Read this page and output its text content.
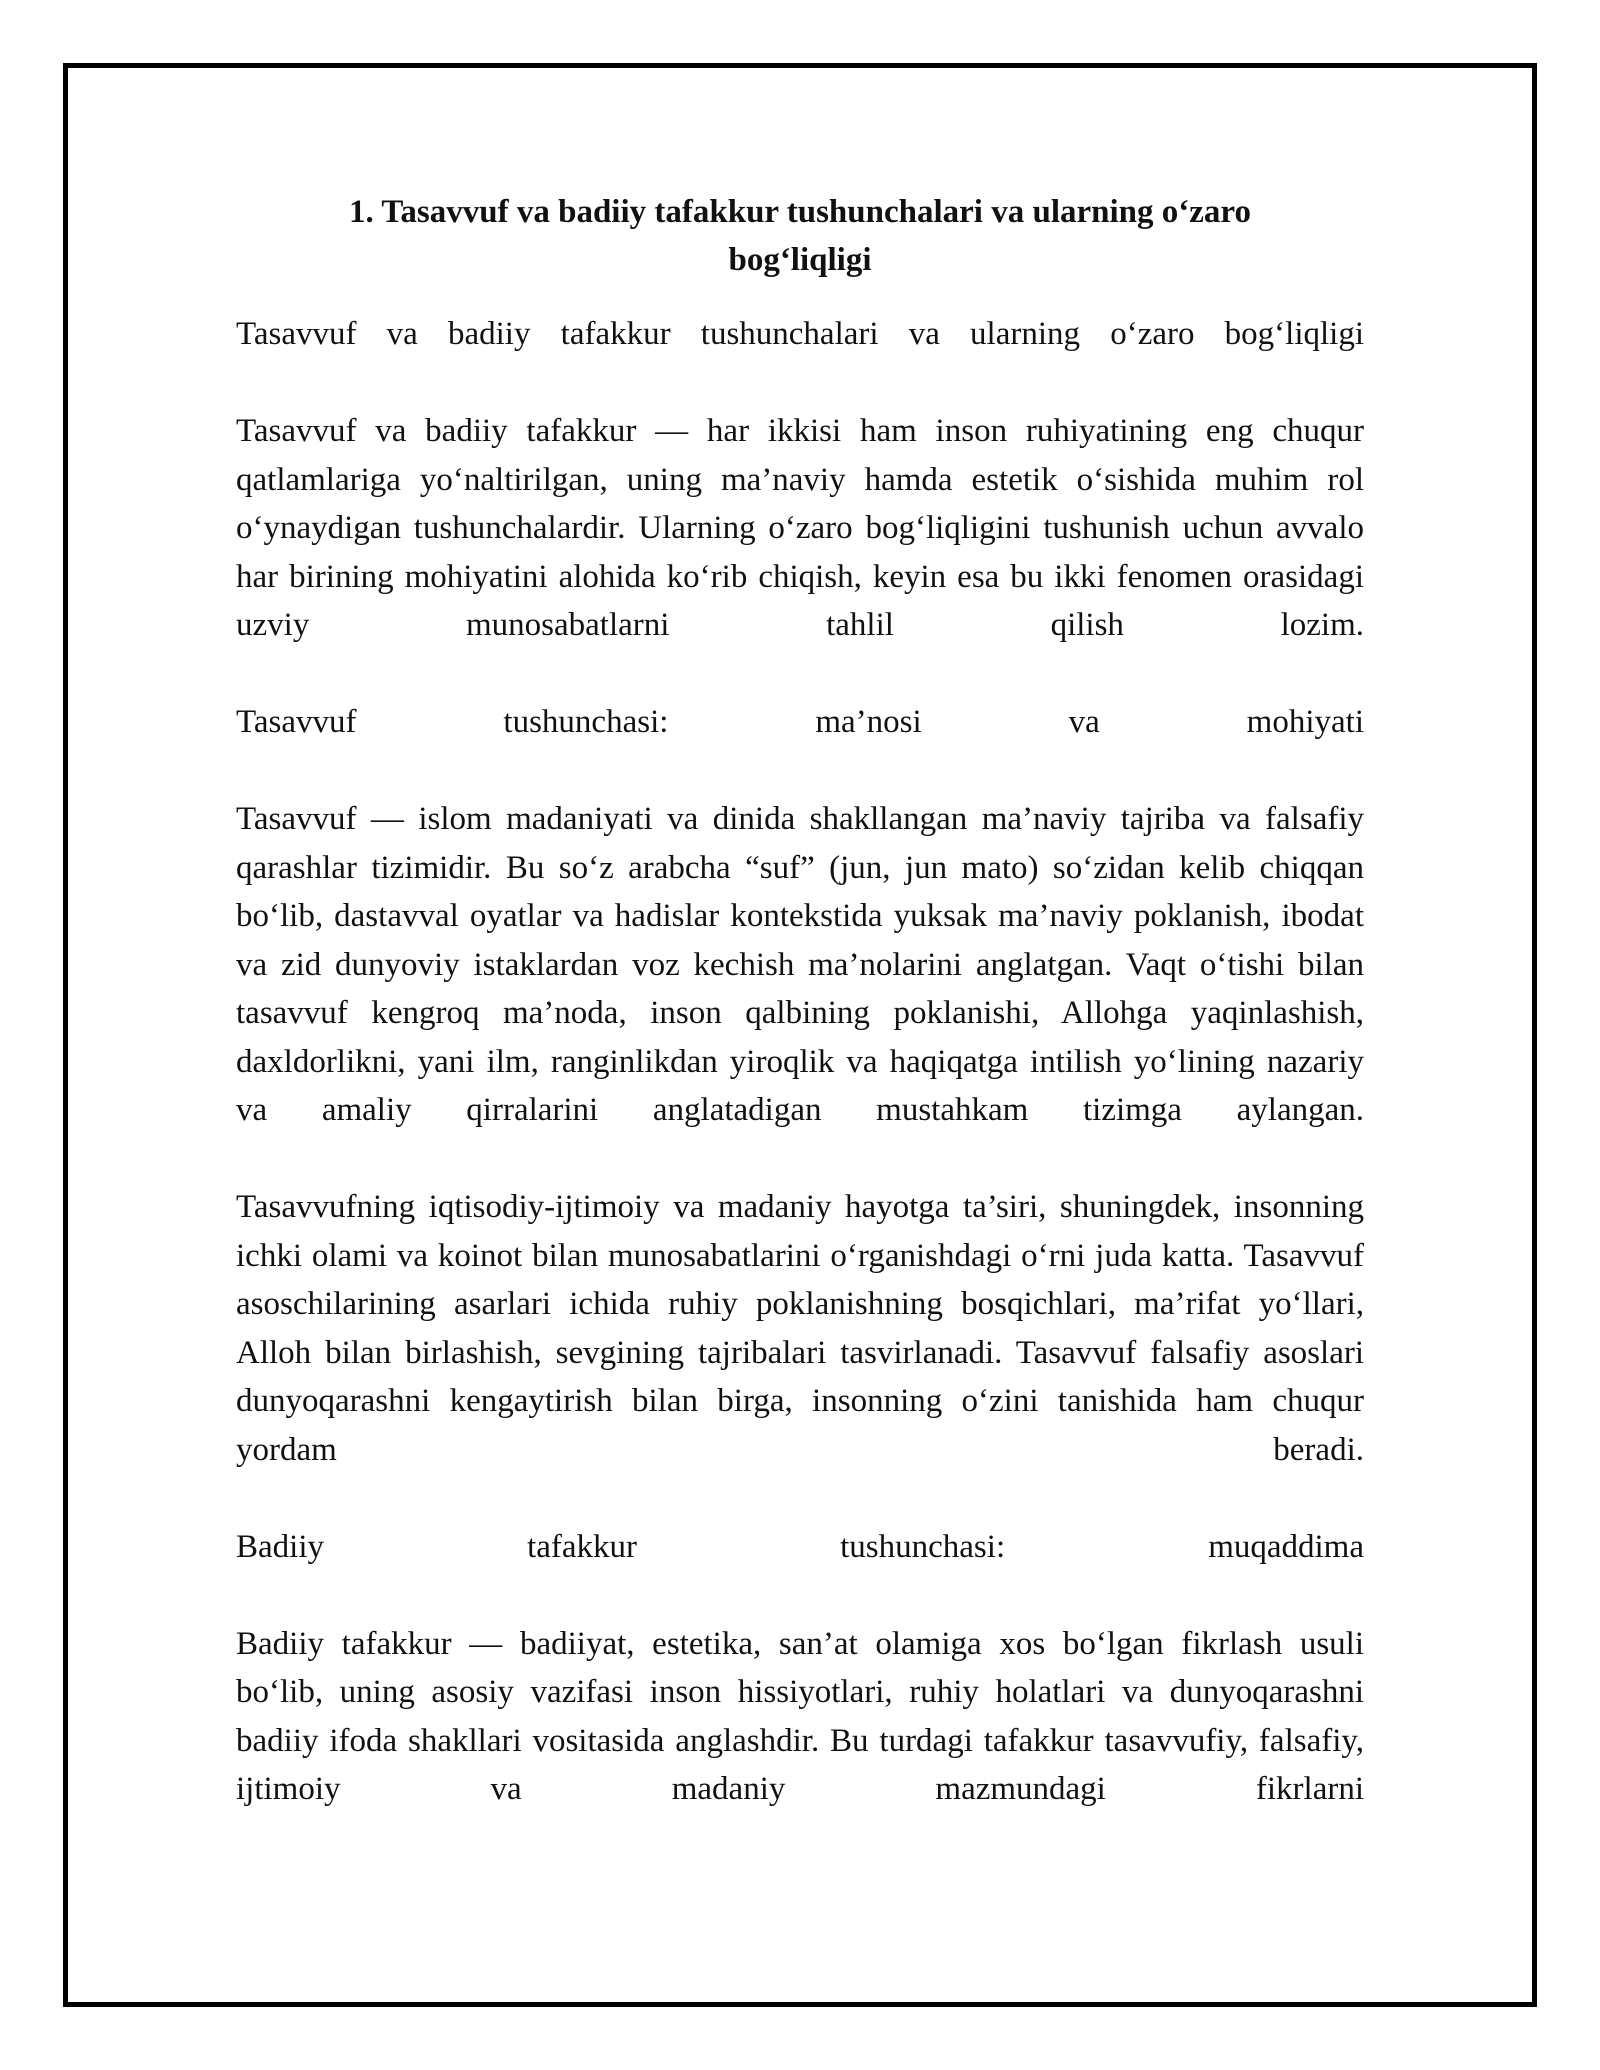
1. Tasavvuf va badiiy tafakkur tushunchalari va ularning o‘zaro bog‘liqligi

Tasavvuf va badiiy tafakkur tushunchalari va ularning o‘zaro bog‘liqligi

Tasavvuf va badiiy tafakkur — har ikkisi ham inson ruhiyatining eng chuqur qatlamlariga yo‘naltirilgan, uning ma’naviy hamda estetik o‘sishida muhim rol o‘ynaydigan tushunchalardir. Ularning o‘zaro bog‘liqligini tushunish uchun avvalo har birining mohiyatini alohida ko‘rib chiqish, keyin esa bu ikki fenomen orasidagi uzviy munosabatlarni tahlil qilish lozim.

Tasavvuf tushunchasi: ma’nosi va mohiyati

Tasavvuf — islom madaniyati va dinida shakllangan ma’naviy tajriba va falsafiy qarashlar tizimidir. Bu so‘z arabcha “suf” (jun, jun mato) so‘zidan kelib chiqqan bo‘lib, dastavval oyatlar va hadislar kontekstida yuksak ma’naviy poklanish, ibodat va zid dunyoviy istaklardan voz kechish ma’nolarini anglatgan. Vaqt o‘tishi bilan tasavvuf kengroq ma’noda, inson qalbining poklanishi, Allohga yaqinlashish, daxldorlikni, yani ilm, ranginlikdan yiroqlik va haqiqatga intilish yo‘lining nazariy va amaliy qirralarini anglatadigan mustahkam tizimga aylangan.

Tasavvufning iqtisodiy-ijtimoiy va madaniy hayotga ta’siri, shuningdek, insonning ichki olami va koinot bilan munosabatlarini o‘rganishdagi o‘rni juda katta. Tasavvuf asoschilarining asarlari ichida ruhiy poklanishning bosqichlari, ma’rifat yo‘llari, Alloh bilan birlashish, sevgining tajribalari tasvirlanadi. Tasavvuf falsafiy asoslari dunyoqarashni kengaytirish bilan birga, insonning o‘zini tanishida ham chuqur yordam beradi.

Badiiy tafakkur tushunchasi: muqaddima

Badiiy tafakkur — badiiyat, estetika, san’at olamiga xos bo‘lgan fikrlash usuli bo‘lib, uning asosiy vazifasi inson hissiyotlari, ruhiy holatlari va dunyoqarashni badiiy ifoda shakllari vositasida anglashdir. Bu turdagi tafakkur tasavvufiy, falsafiy, ijtimoiy va madaniy mazmundagi fikrlarni
